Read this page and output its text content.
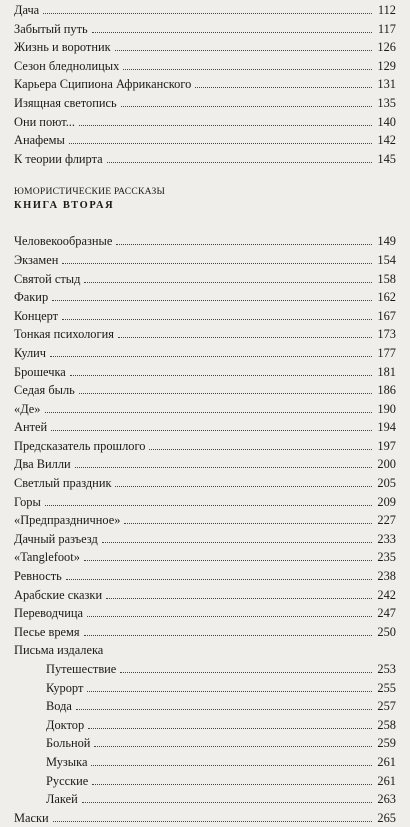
Дача	112
Забытый путь	117
Жизнь и воротник	126
Сезон бледнолицых	129
Карьера Сципиона Африканского	131
Изящная светопись	135
Они поют...	140
Анафемы	142
К теории флирта	145
ЮМОРИСТИЧЕСКИЕ РАССКАЗЫ
КНИГА ВТОРАЯ
Человекообразные	149
Экзамен	154
Святой стыд	158
Факир	162
Концерт	167
Тонкая психология	173
Кулич	177
Брошечка	181
Седая быль	186
«Де»	190
Антей	194
Предсказатель прошлого	197
Два Вилли	200
Светлый праздник	205
Горы	209
«Предпраздничное»	227
Дачный разъезд	233
«Tanglefoot»	235
Ревность	238
Арабские сказки	242
Переводчица	247
Песье время	250
Письма издалека
Путешествие	253
Курорт	255
Вода	257
Доктор	258
Больной	259
Музыка	261
Русские	261
Лакей	263
Маски	265
